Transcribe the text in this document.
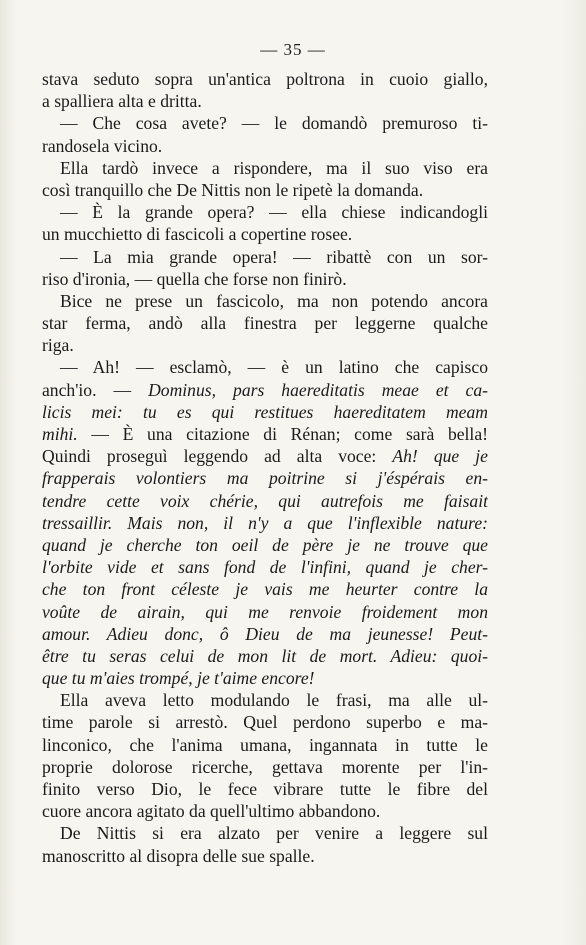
— 35 —
stava seduto sopra un'antica poltrona in cuoio giallo,
a spalliera alta e dritta.
— Che cosa avete? — le domandò premuroso ti-
randosela vicino.
Ella tardò invece a rispondere, ma il suo viso era
così tranquillo che De Nittis non le ripetè la domanda.
— È la grande opera? — ella chiese indicandogli
un mucchietto di fascicoli a copertine rosee.
— La mia grande opera! — ribattè con un sor-
riso d'ironia, — quella che forse non finirò.
Bice ne prese un fascicolo, ma non potendo ancora
star ferma, andò alla finestra per leggerne qualche
riga.
— Ah! — esclamò, — è un latino che capisco
anch'io. — Dominus, pars haereditatis meae et ca-
licis mei: tu es qui restitues haereditatem meam
mihi. — È una citazione di Rénan; come sarà bella!
Quindi proseguì leggendo ad alta voce: Ah! que je
frapperais volontiers ma poitrine si j'éspérais en-
tendre cette voix chérie, qui autrefois me faisait
tressaillir. Mais non, il n'y a que l'inflexible nature:
quand je cherche ton oeil de père je ne trouve que
l'orbite vide et sans fond de l'infini, quand je cher-
che ton front céleste je vais me heurter contre la
voûte de airain, qui me renvoie froidement mon
amour. Adieu donc, ô Dieu de ma jeunesse! Peut-
être tu seras celui de mon lit de mort. Adieu: quoi-
que tu m'aies trompé, je t'aime encore!
Ella aveva letto modulando le frasi, ma alle ul-
time parole si arrestò. Quel perdono superbo e ma-
linconico, che l'anima umana, ingannata in tutte le
proprie dolorose ricerche, gettava morente per l'in-
finito verso Dio, le fece vibrare tutte le fibre del
cuore ancora agitato da quell'ultimo abbandono.
De Nittis si era alzato per venire a leggere sul
manoscritto al disopra delle sue spalle.
